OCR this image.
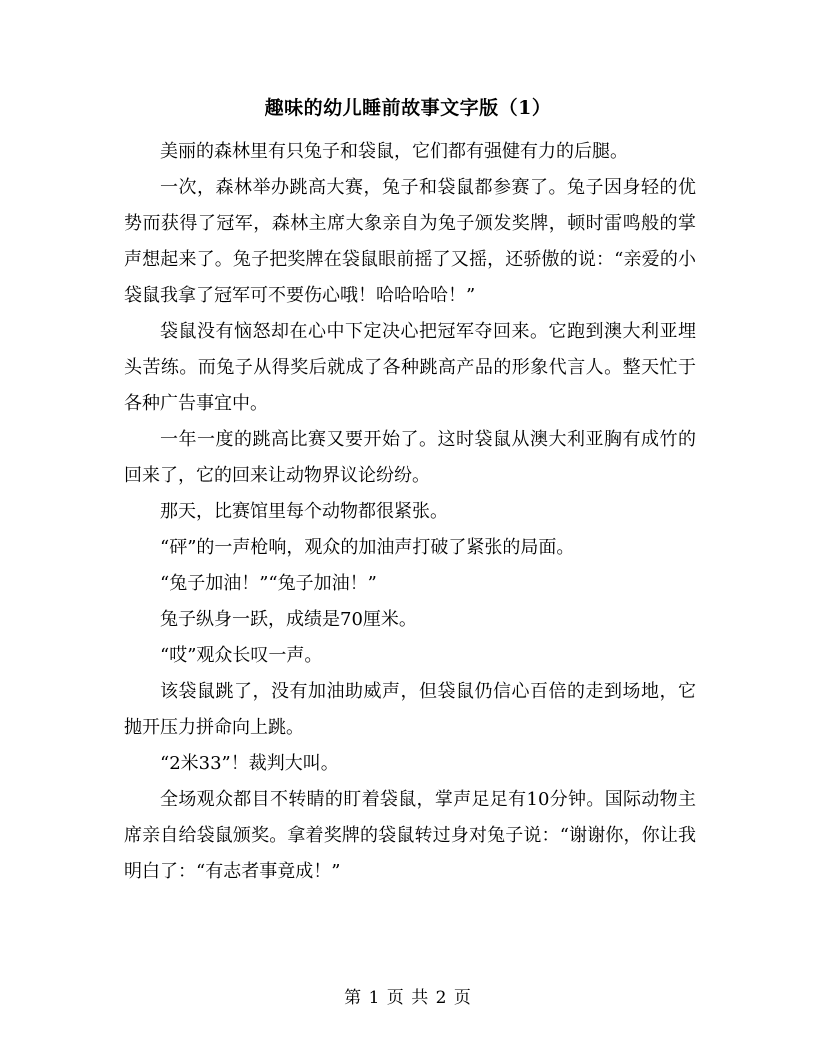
趣味的幼儿睡前故事文字版（1）

美丽的森林里有只兔子和袋鼠，它们都有强健有力的后腿。

一次，森林举办跳高大赛，兔子和袋鼠都参赛了。兔子因身轻的优势而获得了冠军，森林主席大象亲自为兔子颁发奖牌，顿时雷鸣般的掌声想起来了。兔子把奖牌在袋鼠眼前摇了又摇，还骄傲的说：“亲爱的小袋鼠我拿了冠军可不要伤心哦！哈哈哈哈！”

袋鼠没有恼怒却在心中下定决心把冠军夺回来。它跑到澳大利亚埋头苦练。而兔子从得奖后就成了各种跳高产品的形象代言人。整天忙于各种广告事宜中。

一年一度的跳高比赛又要开始了。这时袋鼠从澳大利亚胸有成竹的回来了，它的回来让动物界议论纷纷。

那天，比赛馆里每个动物都很紧张。

“砰”的一声枪响，观众的加油声打破了紧张的局面。

“兔子加油！”“兔子加油！”

兔子纵身一跃，成绩是70厘米。

“哎”观众长叹一声。

该袋鼠跳了，没有加油助威声，但袋鼠仍信心百倍的走到场地，它抛开压力拼命向上跳。

“2米33”！裁判大叫。

全场观众都目不转睛的盯着袋鼠，掌声足足有10分钟。国际动物主席亲自给袋鼠颁奖。拿着奖牌的袋鼠转过身对兔子说：“谢谢你，你让我明白了：“有志者事竟成！”

第 1 页 共 2 页
